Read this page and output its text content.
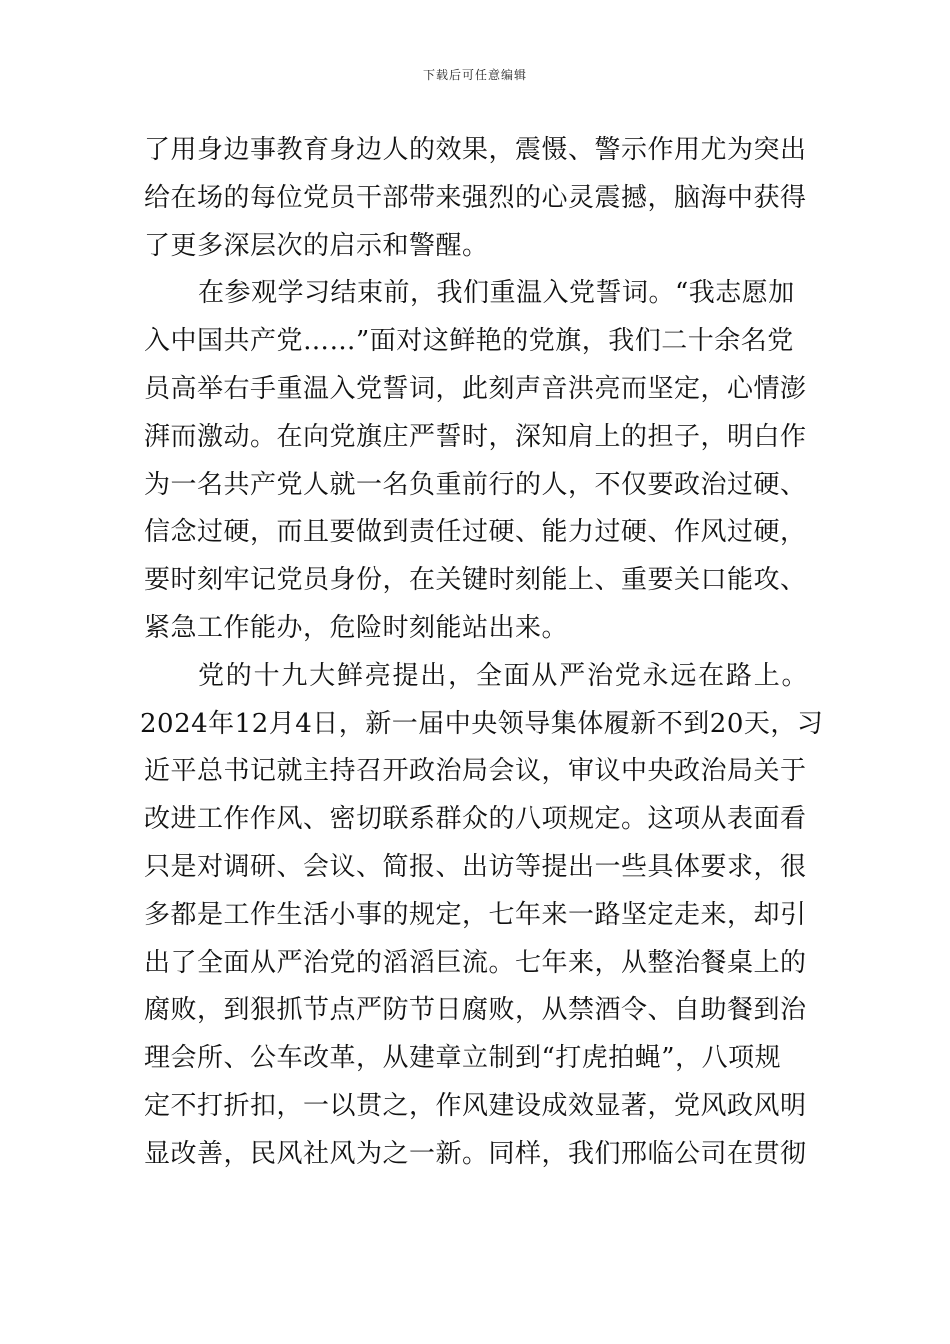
下载后可任意编辑
了用身边事教育身边人的效果，震慑、警示作用尤为突出
给在场的每位党员干部带来强烈的心灵震撼，脑海中获得
了更多深层次的启示和警醒。
在参观学习结束前，我们重温入党誓词。“我志愿加
入中国共产党……”面对这鲜艳的党旗，我们二十余名党
员高举右手重温入党誓词，此刻声音洪亮而坚定，心情澎
湃而激动。在向党旗庄严誓时，深知肩上的担子，明白作
为一名共产党人就一名负重前行的人，不仅要政治过硬、
信念过硬，而且要做到责任过硬、能力过硬、作风过硬，
要时刻牢记党员身份，在关键时刻能上、重要关口能攻、
紧急工作能办，危险时刻能站出来。
党的十九大鲜亮提出，全面从严治党永远在路上。
2024年12月4日，新一届中央领导集体履新不到20天，习
近平总书记就主持召开政治局会议，审议中央政治局关于
改进工作作风、密切联系群众的八项规定。这项从表面看
只是对调研、会议、简报、出访等提出一些具体要求，很
多都是工作生活小事的规定，七年来一路坚定走来，却引
出了全面从严治党的滔滔巨流。七年来，从整治餐桌上的
腐败，到狠抓节点严防节日腐败，从禁酒令、自助餐到治
理会所、公车改革，从建章立制到“打虎拍蝇”，八项规
定不打折扣，一以贯之，作风建设成效显著，党风政风明
显改善，民风社风为之一新。同样，我们邢临公司在贯彻
